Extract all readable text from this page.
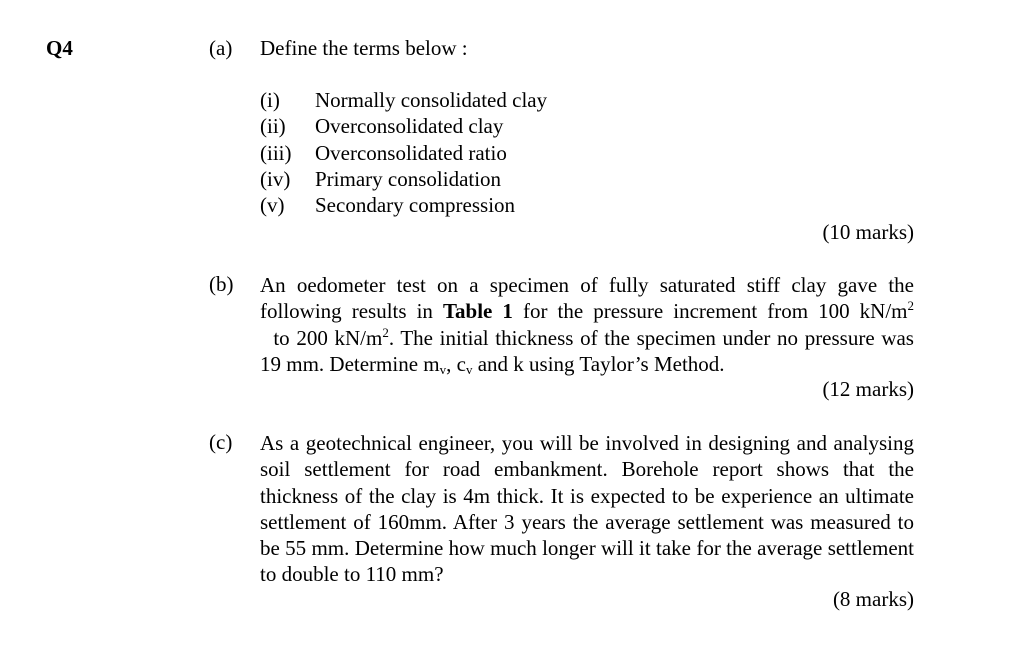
Q4	(a) Define the terms below :
(i) Normally consolidated clay
(ii) Overconsolidated clay
(iii) Overconsolidated ratio
(iv) Primary consolidation
(v) Secondary compression
(10 marks)
(b) An oedometer test on a specimen of fully saturated stiff clay gave the following results in Table 1 for the pressure increment from 100 $kN/m^2$  to 200 $kN/m^2$. The initial thickness of the specimen under no pressure was 19 mm. Determine $m_v$, $c_v$ and k using Taylor’s Method.
(12 marks)
(c) As a geotechnical engineer, you will be involved in designing and analysing soil settlement for road embankment. Borehole report shows that the thickness of the clay is 4m thick. It is expected to be experience an ultimate settlement of 160mm. After 3 years the average settlement was measured to be 55 mm. Determine how much longer will it take for the average settlement to double to 110 mm?
(8 marks)
